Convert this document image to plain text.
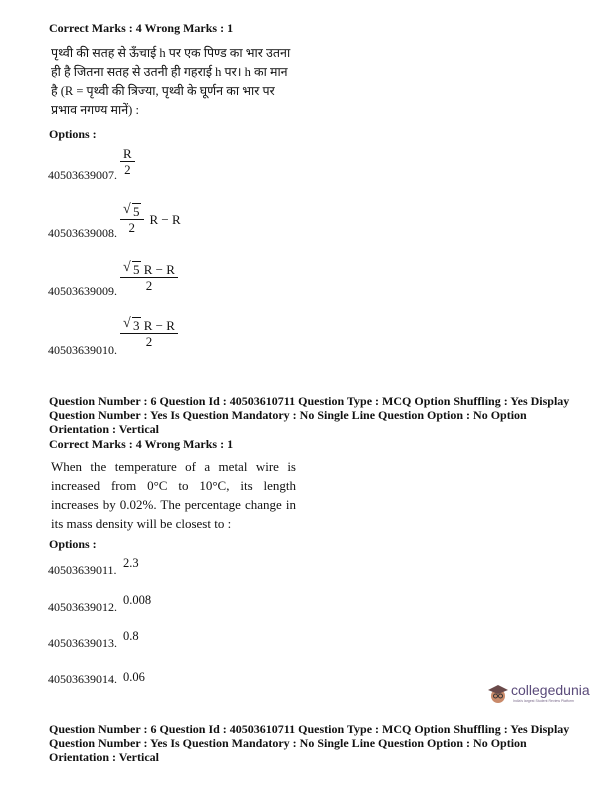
Correct Marks : 4 Wrong Marks : 1
पृथ्वी की सतह से ऊँचाई h पर एक पिण्ड का भार उतना ही है जितना सतह से उतनी ही गहराई h पर। h का मान है (R = पृथ्वी की त्रिज्या, पृथ्वी के घूर्णन का भार पर प्रभाव नगण्य मानें) :
Options :
40503639007. $\frac{R}{2}$
40503639008. $\frac{√ 5}{2}$ R − R
40503639009. $\frac{√ 5 R - R}{2}$
40503639010. $\frac{√ 3 R - R}{2}$
Question Number : 6 Question Id : 40503610711 Question Type : MCQ Option Shuffling : Yes Display Question Number : Yes Is Question Mandatory : No Single Line Question Option : No Option Orientation : Vertical
Correct Marks : 4 Wrong Marks : 1
When the temperature of a metal wire is increased from 0°C to 10°C, its length increases by 0.02%. The percentage change in its mass density will be closest to :
Options :
40503639011. 2.3
40503639012. 0.008
40503639013. 0.8
40503639014. 0.06
collegedunia
India's largest Student Review Platform
Question Number : 6 Question Id : 40503610711 Question Type : MCQ Option Shuffling : Yes Display Question Number : Yes Is Question Mandatory : No Single Line Question Option : No Option Orientation : Vertical
